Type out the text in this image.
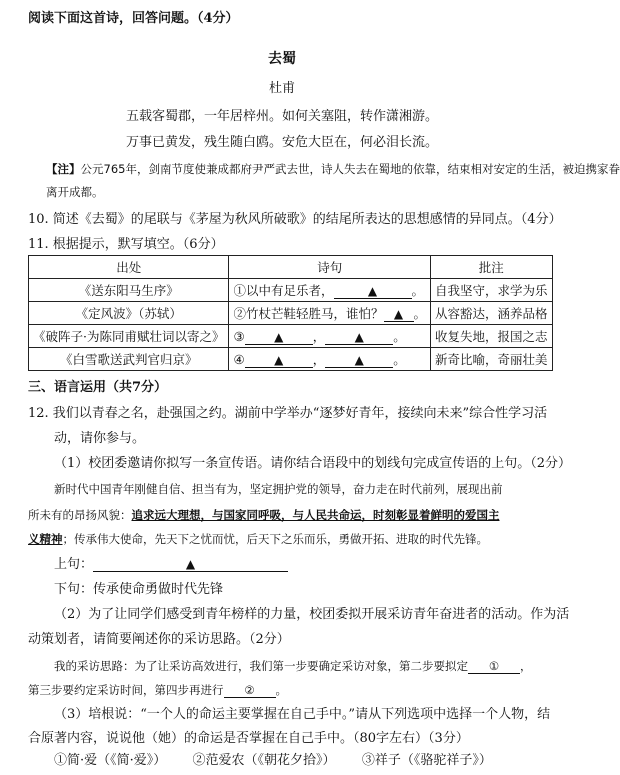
阅读下面这首诗，回答问题。（4分）
去蜀
杜甫
五载客蜀郡，一年居梓州。如何关塞阻，转作潇湘游。
万事已黄发，残生随白鸥。安危大臣在，何必泪长流。
【注】公元765年，剑南节度使兼成都府尹严武去世，诗人失去在蜀地的依靠，结束相对安定的生活，被迫携家眷
离开成都。
10. 简述《去蜀》的尾联与《茅屋为秋风所破歌》的结尾所表达的思想感情的异同点。（4分）
11. 根据提示，默写填空。（6分）
出处	诗句	批注
《送东阳马生序》	①以中有足乐者， ▲ 。	自我坚守，求学为乐
《定风波》（苏轼）	②竹杖芒鞋轻胜马，谁怕？ ▲ 。	从容豁达，涵养品格
《破阵子·为陈同甫赋壮词以寄之》	③ ▲ ， ▲ 。	收复失地，报国之志
《白雪歌送武判官归京》	④ ▲ ， ▲ 。	新奇比喻，奇丽壮美
三、语言运用（共7分）
12. 我们以青春之名，赴强国之约。湖前中学举办“逐梦好青年，接续向未来”综合性学习活
动，请你参与。
（1）校团委邀请你拟写一条宣传语。请你结合语段中的划线句完成宣传语的上句。（2分）
新时代中国青年刚健自信、担当有为，坚定拥护党的领导，奋力走在时代前列，展现出前
所未有的昂扬风貌：追求远大理想，与国家同呼吸，与人民共命运，时刻彰显着鲜明的爱国主
义精神；传承伟大使命，先天下之忧而忧，后天下之乐而乐，勇做开拓、进取的时代先锋。
上句：	▲
下句：传承使命勇做时代先锋
（2）为了让同学们感受到青年榜样的力量，校团委拟开展采访青年奋进者的活动。作为活
动策划者，请简要阐述你的采访思路。（2分）
我的采访思路：为了让采访高效进行，我们第一步要确定采访对象，第二步要拟定 ① ，
第三步要约定采访时间，第四步再进行 ② 。
（3）培根说：“一个人的命运主要掌握在自己手中。”请从下列选项中选择一个人物，结
合原著内容，说说他（她）的命运是否掌握在自己手中。（80字左右）（3分）
①简·爱（《简·爱》） ②范爱农（《朝花夕拾》） ③祥子（《骆驼祥子》）
